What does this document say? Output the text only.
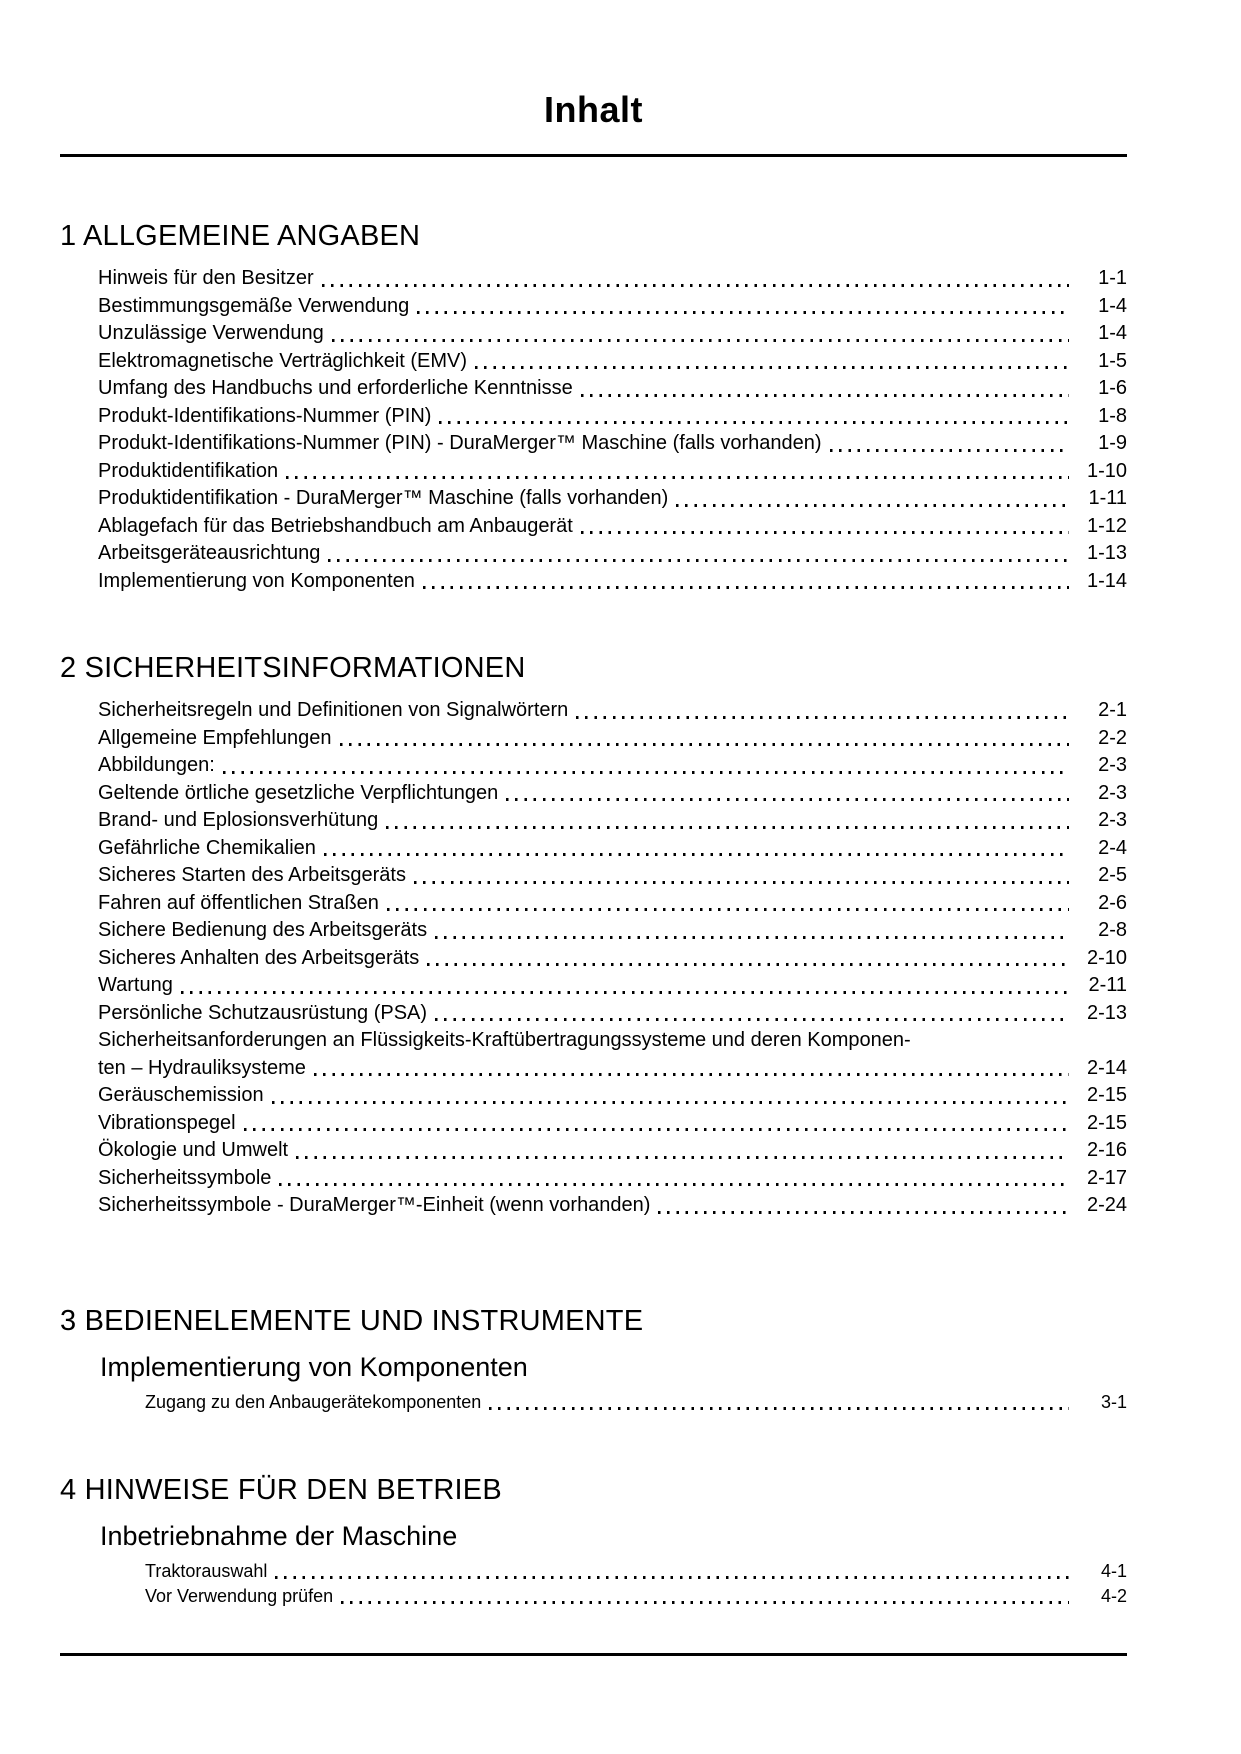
Inhalt
1 ALLGEMEINE ANGABEN
Hinweis für den Besitzer	1-1
Bestimmungsgemäße Verwendung	1-4
Unzulässige Verwendung	1-4
Elektromagnetische Verträglichkeit (EMV)	1-5
Umfang des Handbuchs und erforderliche Kenntnisse	1-6
Produkt-Identifikations-Nummer (PIN)	1-8
Produkt-Identifikations-Nummer (PIN) - DuraMerger™ Maschine (falls vorhanden)	1-9
Produktidentifikation	1-10
Produktidentifikation - DuraMerger™ Maschine (falls vorhanden)	1-11
Ablagefach für das Betriebshandbuch am Anbaugerät	1-12
Arbeitsgeräteausrichtung	1-13
Implementierung von Komponenten	1-14
2 SICHERHEITSINFORMATIONEN
Sicherheitsregeln und Definitionen von Signalwörtern	2-1
Allgemeine Empfehlungen	2-2
Abbildungen:	2-3
Geltende örtliche gesetzliche Verpflichtungen	2-3
Brand- und Eplosionsverhütung	2-3
Gefährliche Chemikalien	2-4
Sicheres Starten des Arbeitsgeräts	2-5
Fahren auf öffentlichen Straßen	2-6
Sichere Bedienung des Arbeitsgeräts	2-8
Sicheres Anhalten des Arbeitsgeräts	2-10
Wartung	2-11
Persönliche Schutzausrüstung (PSA)	2-13
Sicherheitsanforderungen an Flüssigkeits-Kraftübertragungssysteme und deren Komponen-
ten – Hydrauliksysteme	2-14
Geräuschemission	2-15
Vibrationspegel	2-15
Ökologie und Umwelt	2-16
Sicherheitssymbole	2-17
Sicherheitssymbole - DuraMerger™-Einheit (wenn vorhanden)	2-24
3 BEDIENELEMENTE UND INSTRUMENTE
Implementierung von Komponenten
Zugang zu den Anbaugerätekomponenten	3-1
4 HINWEISE FÜR DEN BETRIEB
Inbetriebnahme der Maschine
Traktorauswahl	4-1
Vor Verwendung prüfen	4-2
